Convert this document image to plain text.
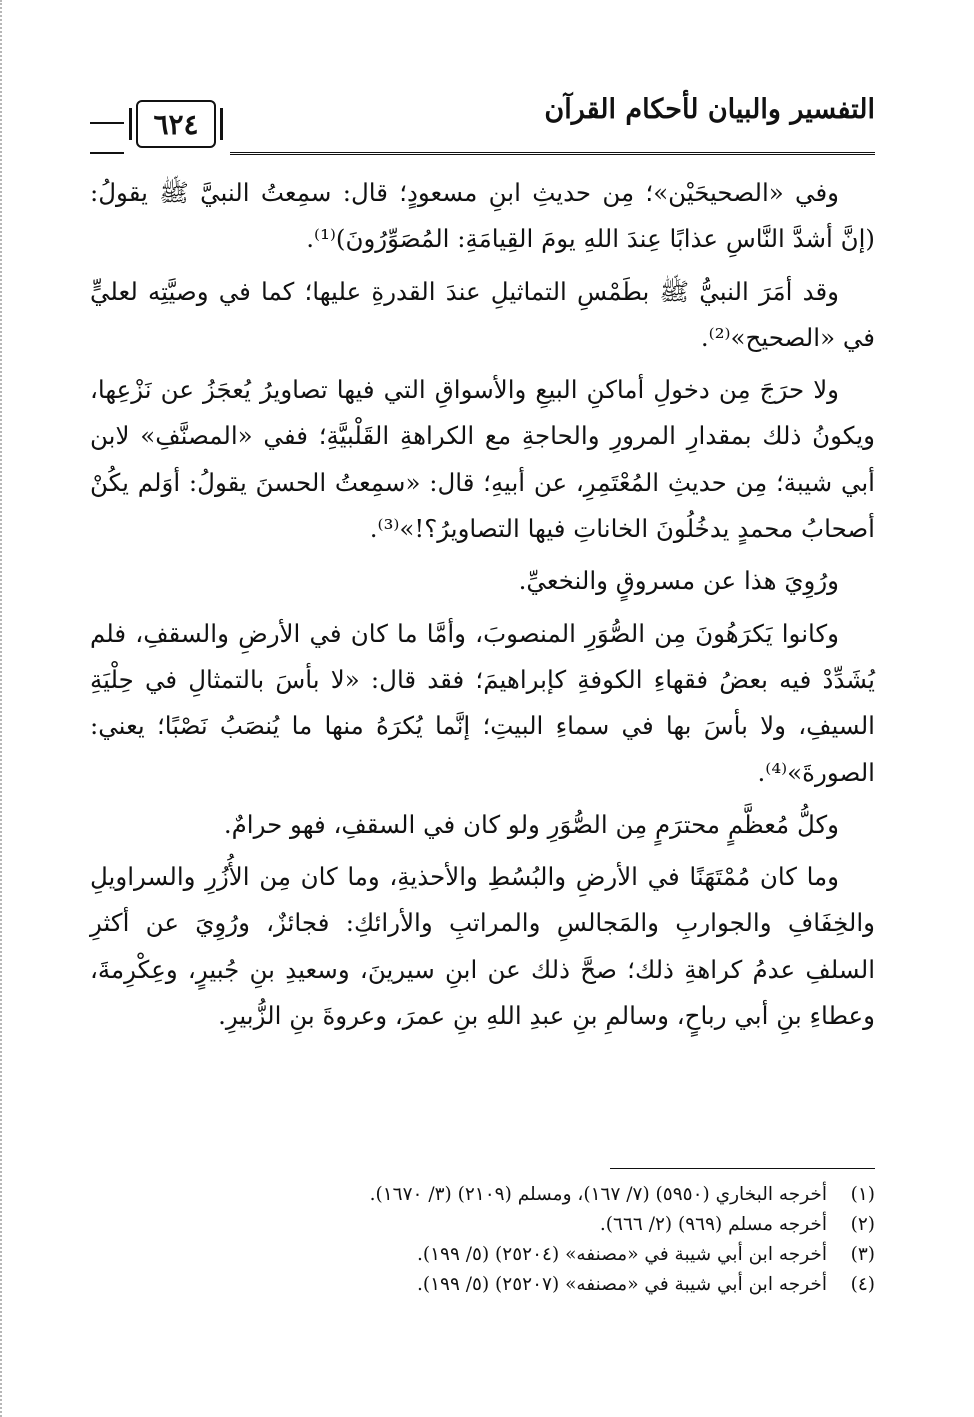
التفسير والبيان لأحكام القرآن
٦٢٤

وفي «الصحيحَيْن»؛ مِن حديثِ ابنِ مسعودٍ؛ قال: سمِعتُ النبيَّ ﷺ يقولُ: (إنَّ أشدَّ النَّاسِ عذابًا عِندَ اللهِ يومَ القِيامَةِ: المُصَوِّرُونَ)⁽¹⁾.

وقد أمَرَ النبيُّ ﷺ بطَمْسِ التماثيلِ عندَ القدرةِ عليها؛ كما في وصيَّتِه لعليٍّ في «الصحيح»⁽²⁾.

ولا حرَجَ مِن دخولِ أماكنِ البيعِ والأسواقِ التي فيها تصاويرُ يُعجَزُ عن نَزْعِها، ويكونُ ذلك بمقدارِ المرورِ والحاجةِ مع الكراهةِ القَلْبيَّةِ؛ ففي «المصنَّفِ» لابن أبي شيبة؛ مِن حديثِ المُعْتَمِرِ، عن أبيهِ؛ قال: «سمِعتُ الحسنَ يقولُ: أوَلم يكُنْ أصحابُ محمدٍ يدخُلُونَ الخاناتِ فيها التصاويرُ؟!»⁽³⁾.

ورُوِيَ هذا عن مسروقٍ والنخعيِّ.

وكانوا يَكرَهُونَ مِن الصُّوَرِ المنصوبَ، وأمَّا ما كان في الأرضِ والسقفِ، فلم يُشَدِّدْ فيه بعضُ فقهاءِ الكوفةِ كإبراهيمَ؛ فقد قال: «لا بأسَ بالتمثالِ في حِلْيَةِ السيفِ، ولا بأسَ بها في سماءِ البيتِ؛ إنَّما يُكرَهُ منها ما يُنصَبُ نَصْبًا؛ يعني: الصورةَ»⁽⁴⁾.

وكلُّ مُعظَّمٍ محترَمٍ مِن الصُّوَرِ ولو كان في السقفِ، فهو حرامٌ.

وما كان مُمْتَهَنًا في الأرضِ والبُسُطِ والأحذيةِ، وما كان مِن الأُزُرِ والسراويلِ والخِفَافِ والجواربِ والمَجالسِ والمراتبِ والأرائكِ: فجائزٌ، ورُوِيَ عن أكثرِ السلفِ عدمُ كراهةِ ذلك؛ صحَّ ذلك عن ابنِ سيرينَ، وسعيدِ بنِ جُبيرٍ، وعِكْرِمةَ، وعطاءِ بنِ أبي رباحٍ، وسالمِ بنِ عبدِ اللهِ بنِ عمرَ، وعروةَ بنِ الزُّبيرِ.

(١)
أخرجه البخاري (٥٩٥٠) (٧/ ١٦٧)، ومسلم (٢١٠٩) (٣/ ١٦٧٠).
(٢)
أخرجه مسلم (٩٦٩) (٢/ ٦٦٦).
(٣)
أخرجه ابن أبي شيبة في «مصنفه» (٢٥٢٠٤) (٥/ ١٩٩).
(٤)
أخرجه ابن أبي شيبة في «مصنفه» (٢٥٢٠٧) (٥/ ١٩٩).
